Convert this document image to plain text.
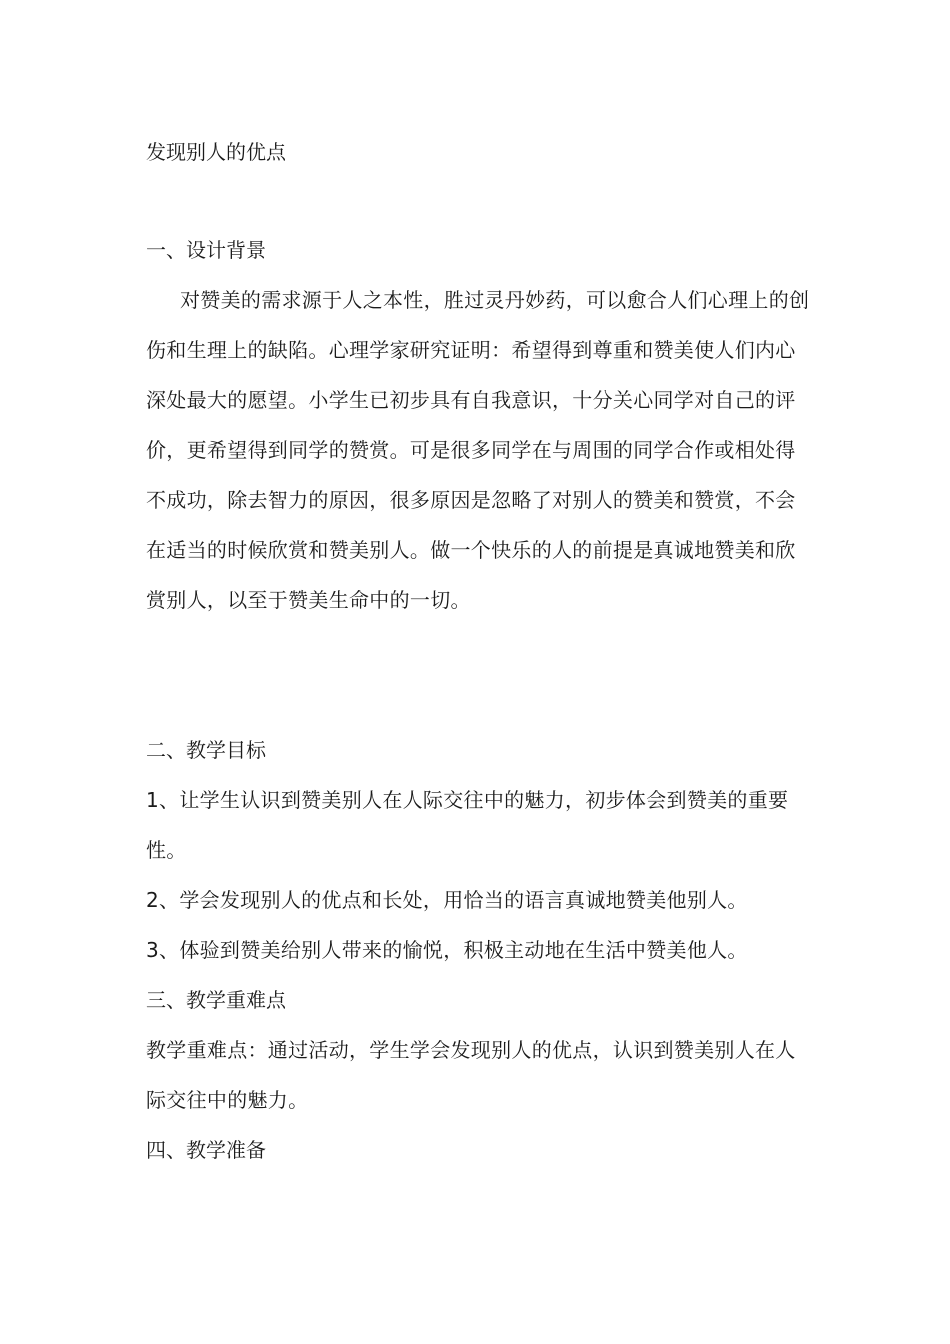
发现别人的优点

一、设计背景

对赞美的需求源于人之本性，胜过灵丹妙药，可以愈合人们心理上的创伤和生理上的缺陷。心理学家研究证明：希望得到尊重和赞美使人们内心深处最大的愿望。小学生已初步具有自我意识，十分关心同学对自己的评价，更希望得到同学的赞赏。可是很多同学在与周围的同学合作或相处得不成功，除去智力的原因，很多原因是忽略了对别人的赞美和赞赏，不会在适当的时候欣赏和赞美别人。做一个快乐的人的前提是真诚地赞美和欣赏别人，以至于赞美生命中的一切。

二、教学目标

1、让学生认识到赞美别人在人际交往中的魅力，初步体会到赞美的重要性。

2、学会发现别人的优点和长处，用恰当的语言真诚地赞美他别人。

3、体验到赞美给别人带来的愉悦，积极主动地在生活中赞美他人。

三、教学重难点

教学重难点：通过活动，学生学会发现别人的优点，认识到赞美别人在人际交往中的魅力。

四、教学准备
